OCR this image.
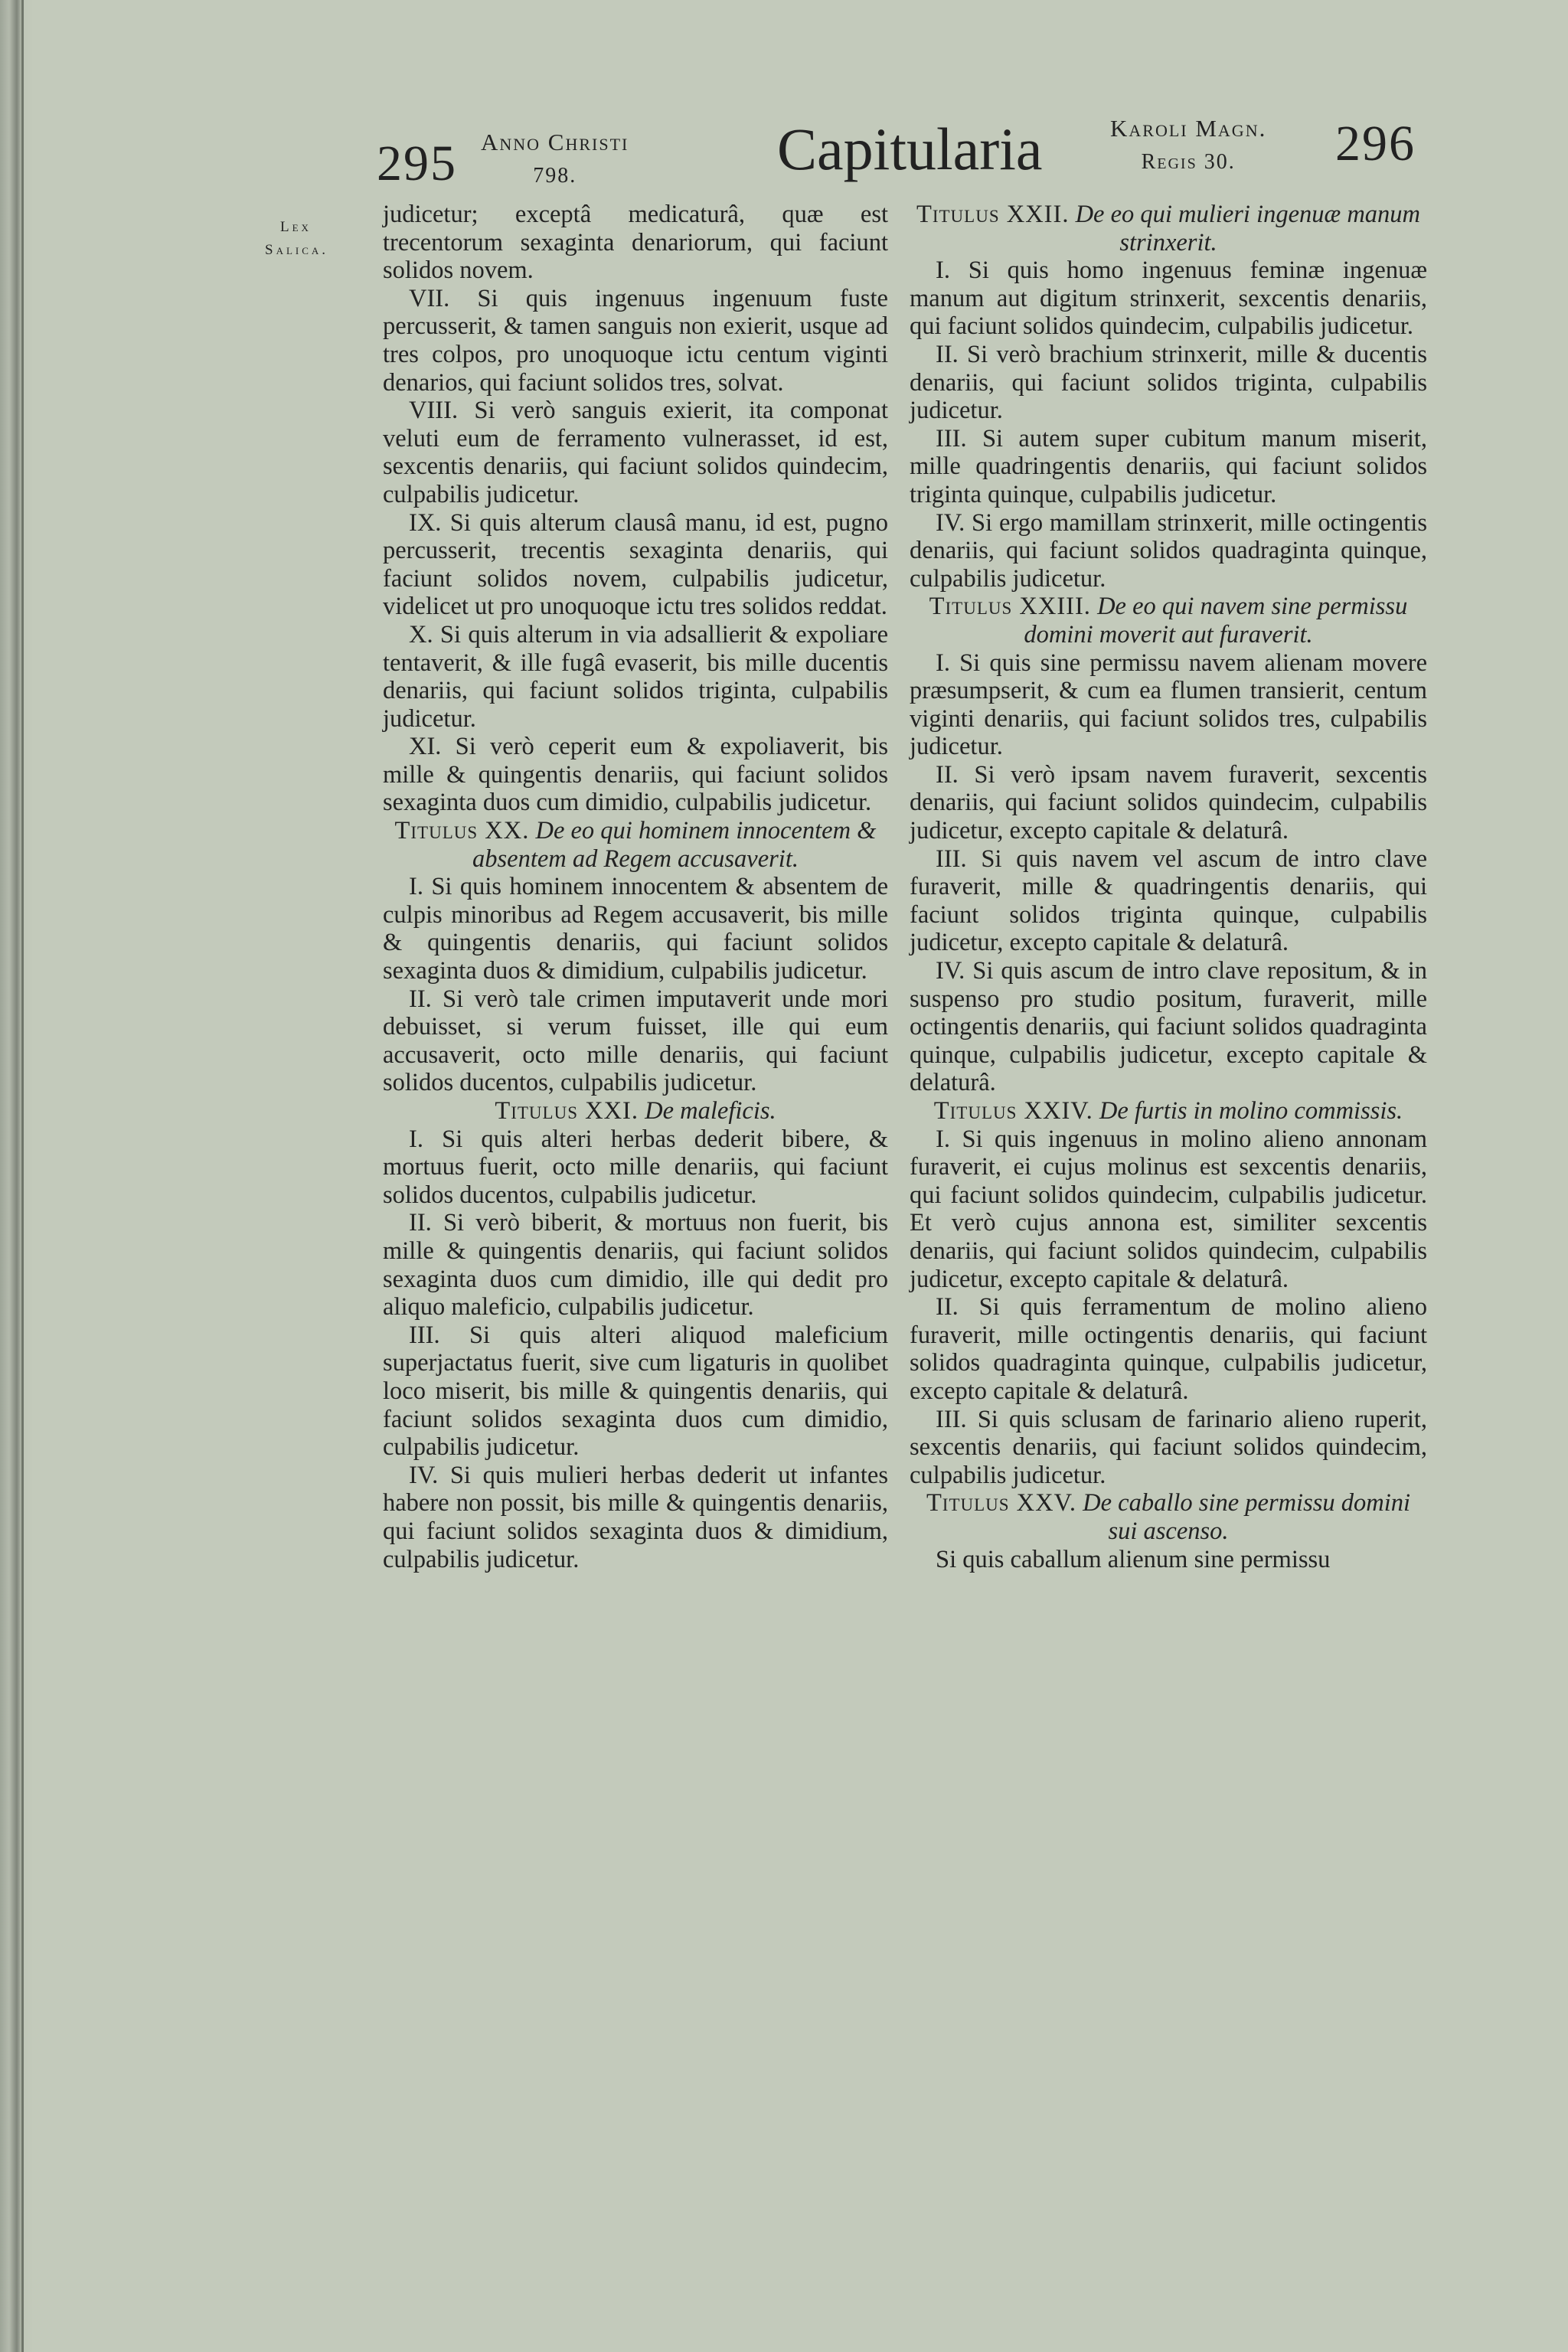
295 Anno Christi
798.	Capitularia	Karoli Magn.
Regis 30.	296
Lex
Salica.

judicetur; exceptâ medicaturâ, quæ est trecentorum sexaginta denariorum, qui faciunt solidos novem.

VII. Si quis ingenuus ingenuum fuste percusserit, & tamen sanguis non exierit, usque ad tres colpos, pro unoquoque ictu centum viginti denarios, qui faciunt solidos tres, solvat.

VIII. Si verò sanguis exierit, ita componat veluti eum de ferramento vulnerasset, id est, sexcentis denariis, qui faciunt solidos quindecim, culpabilis judicetur.

IX. Si quis alterum clausâ manu, id est, pugno percusserit, trecentis sexaginta denariis, qui faciunt solidos novem, culpabilis judicetur, videlicet ut pro unoquoque ictu tres solidos reddat.

X. Si quis alterum in via adsallierit & expoliare tentaverit, & ille fugâ evaserit, bis mille ducentis denariis, qui faciunt solidos triginta, culpabilis judicetur.

XI. Si verò ceperit eum & expoliaverit, bis mille & quingentis denariis, qui faciunt solidos sexaginta duos cum dimidio, culpabilis judicetur.

Titulus XX. De eo qui hominem innocentem & absentem ad Regem accusaverit.

I. Si quis hominem innocentem & absentem de culpis minoribus ad Regem accusaverit, bis mille & quingentis denariis, qui faciunt solidos sexaginta duos & dimidium, culpabilis judicetur.

II. Si verò tale crimen imputaverit unde mori debuisset, si verum fuisset, ille qui eum accusaverit, octo mille denariis, qui faciunt solidos ducentos, culpabilis judicetur.

Titulus XXI. De maleficis.

I. Si quis alteri herbas dederit bibere, & mortuus fuerit, octo mille denariis, qui faciunt solidos ducentos, culpabilis judicetur.

II. Si verò biberit, & mortuus non fuerit, bis mille & quingentis denariis, qui faciunt solidos sexaginta duos cum dimidio, ille qui dedit pro aliquo maleficio, culpabilis judicetur.

III. Si quis alteri aliquod maleficium superjactatus fuerit, sive cum ligaturis in quolibet loco miserit, bis mille & quingentis denariis, qui faciunt solidos sexaginta duos cum dimidio, culpabilis judicetur.

IV. Si quis mulieri herbas dederit ut infantes habere non possit, bis mille & quingentis denariis, qui faciunt solidos sexaginta duos & dimidium, culpabilis judicetur.

Titulus XXII. De eo qui mulieri ingenuæ manum strinxerit.

I. Si quis homo ingenuus feminæ ingenuæ manum aut digitum strinxerit, sexcentis denariis, qui faciunt solidos quindecim, culpabilis judicetur.

II. Si verò brachium strinxerit, mille & ducentis denariis, qui faciunt solidos triginta, culpabilis judicetur.

III. Si autem super cubitum manum miserit, mille quadringentis denariis, qui faciunt solidos triginta quinque, culpabilis judicetur.

IV. Si ergo mamillam strinxerit, mille octingentis denariis, qui faciunt solidos quadraginta quinque, culpabilis judicetur.

Titulus XXIII. De eo qui navem sine permissu domini moverit aut furaverit.

I. Si quis sine permissu navem alienam movere præsumpserit, & cum ea flumen transierit, centum viginti denariis, qui faciunt solidos tres, culpabilis judicetur.

II. Si verò ipsam navem furaverit, sexcentis denariis, qui faciunt solidos quindecim, culpabilis judicetur, excepto capitale & delaturâ.

III. Si quis navem vel ascum de intro clave furaverit, mille & quadringentis denariis, qui faciunt solidos triginta quinque, culpabilis judicetur, excepto capitale & delaturâ.

IV. Si quis ascum de intro clave repositum, & in suspenso pro studio positum, furaverit, mille octingentis denariis, qui faciunt solidos quadraginta quinque, culpabilis judicetur, excepto capitale & delaturâ.

Titulus XXIV. De furtis in molino commissis.

I. Si quis ingenuus in molino alieno annonam furaverit, ei cujus molinus est sexcentis denariis, qui faciunt solidos quindecim, culpabilis judicetur. Et verò cujus annona est, similiter sexcentis denariis, qui faciunt solidos quindecim, culpabilis judicetur, excepto capitale & delaturâ.

II. Si quis ferramentum de molino alieno furaverit, mille octingentis denariis, qui faciunt solidos quadraginta quinque, culpabilis judicetur, excepto capitale & delaturâ.

III. Si quis sclusam de farinario alieno ruperit, sexcentis denariis, qui faciunt solidos quindecim, culpabilis judicetur.

Titulus XXV. De caballo sine permissu domini sui ascenso.

Si quis caballum alienum sine permissu
